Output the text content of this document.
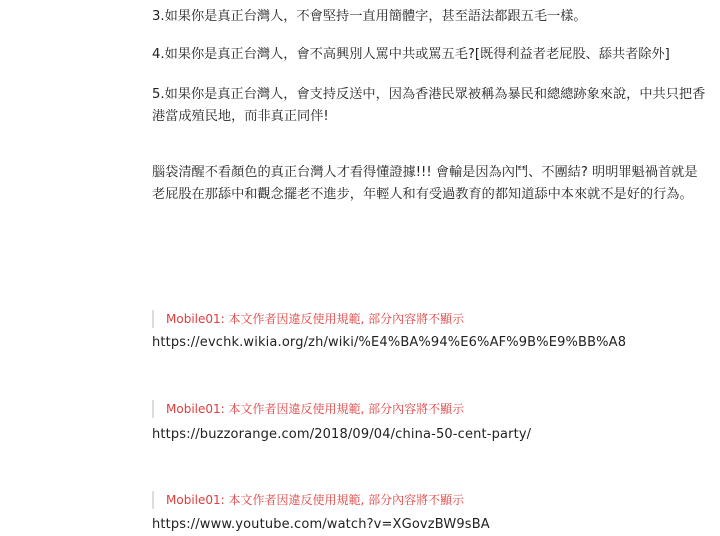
3.如果你是真正台灣人，不會堅持一直用簡體字，甚至語法都跟五毛一樣。

4.如果你是真正台灣人，會不高興別人罵中共或罵五毛?[既得利益者老屁股、舔共者除外]

5.如果你是真正台灣人，會支持反送中，因為香港民眾被稱為暴民和總總跡象來說，中共只把香港當成殖民地，而非真正同伴!

腦袋清醒不看顏色的真正台灣人才看得懂證據!!! 會輸是因為內鬥、不團結? 明明罪魁禍首就是老屁股在那舔中和觀念擺老不進步，年輕人和有受過教育的都知道舔中本來就不是好的行為。

Mobile01: 本文作者因違反使用規範, 部分內容將不顯示
https://evchk.wikia.org/zh/wiki/%E4%BA%94%E6%AF%9B%E9%BB%A8
Mobile01: 本文作者因違反使用規範, 部分內容將不顯示
https://buzzorange.com/2018/09/04/china-50-cent-party/
Mobile01: 本文作者因違反使用規範, 部分內容將不顯示
https://www.youtube.com/watch?v=XGovzBW9sBA
